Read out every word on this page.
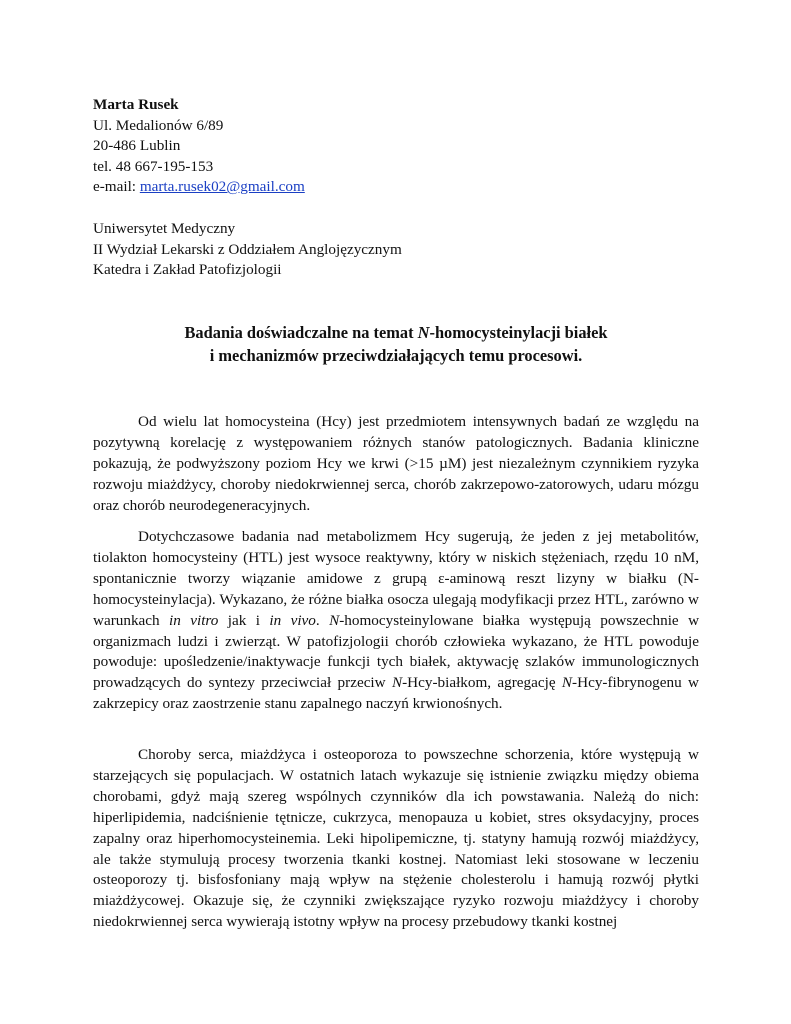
Marta Rusek
Ul. Medalionów 6/89
20-486 Lublin
tel. 48 667-195-153
e-mail: marta.rusek02@gmail.com
Uniwersytet Medyczny
II Wydział Lekarski z Oddziałem Anglojęzycznym
Katedra i Zakład Patofizjologii
Badania doświadczalne na temat N-homocysteinylacji białek
i mechanizmów przeciwdziałających temu procesowi.

Od wielu lat homocysteina (Hcy) jest przedmiotem intensywnych badań ze względu na pozytywną korelację z występowaniem różnych stanów patologicznych. Badania kliniczne pokazują, że podwyższony poziom Hcy we krwi (>15 µM) jest niezależnym czynnikiem ryzyka rozwoju miażdżycy, choroby niedokrwiennej serca, chorób zakrzepowo-zatorowych, udaru mózgu oraz chorób neurodegeneracyjnych.

Dotychczasowe badania nad metabolizmem Hcy sugerują, że jeden z jej metabolitów, tiolakton homocysteiny (HTL) jest wysoce reaktywny, który w niskich stężeniach, rzędu 10 nM, spontanicznie tworzy wiązanie amidowe z grupą ε-aminową reszt lizyny w białku (N-homocysteinylacja). Wykazano, że różne białka osocza ulegają modyfikacji przez HTL, zarówno w warunkach in vitro jak i in vivo. N-homocysteinylowane białka występują powszechnie w organizmach ludzi i zwierząt. W patofizjologii chorób człowieka wykazano, że HTL powoduje powoduje: upośledzenie/inaktywacje funkcji tych białek, aktywację szlaków immunologicznych prowadzących do syntezy przeciwciał przeciw N-Hcy-białkom, agregację N-Hcy-fibrynogenu w zakrzepicy oraz zaostrzenie stanu zapalnego naczyń krwionośnych.

Choroby serca, miażdżyca i osteoporoza to powszechne schorzenia, które występują w starzejących się populacjach. W ostatnich latach wykazuje się istnienie związku między obiema chorobami, gdyż mają szereg wspólnych czynników dla ich powstawania. Należą do nich: hiperlipidemia, nadciśnienie tętnicze, cukrzyca, menopauza u kobiet, stres oksydacyjny, proces zapalny oraz hiperhomocysteinemia. Leki hipolipemiczne, tj. statyny hamują rozwój miażdżycy, ale także stymulują procesy tworzenia tkanki kostnej. Natomiast leki stosowane w leczeniu osteoporozy tj. bisfosfoniany mają wpływ na stężenie cholesterolu i hamują rozwój płytki miażdżycowej. Okazuje się, że czynniki zwiększające ryzyko rozwoju miażdżycy i choroby niedokrwiennej serca wywierają istotny wpływ na procesy przebudowy tkanki kostnej
